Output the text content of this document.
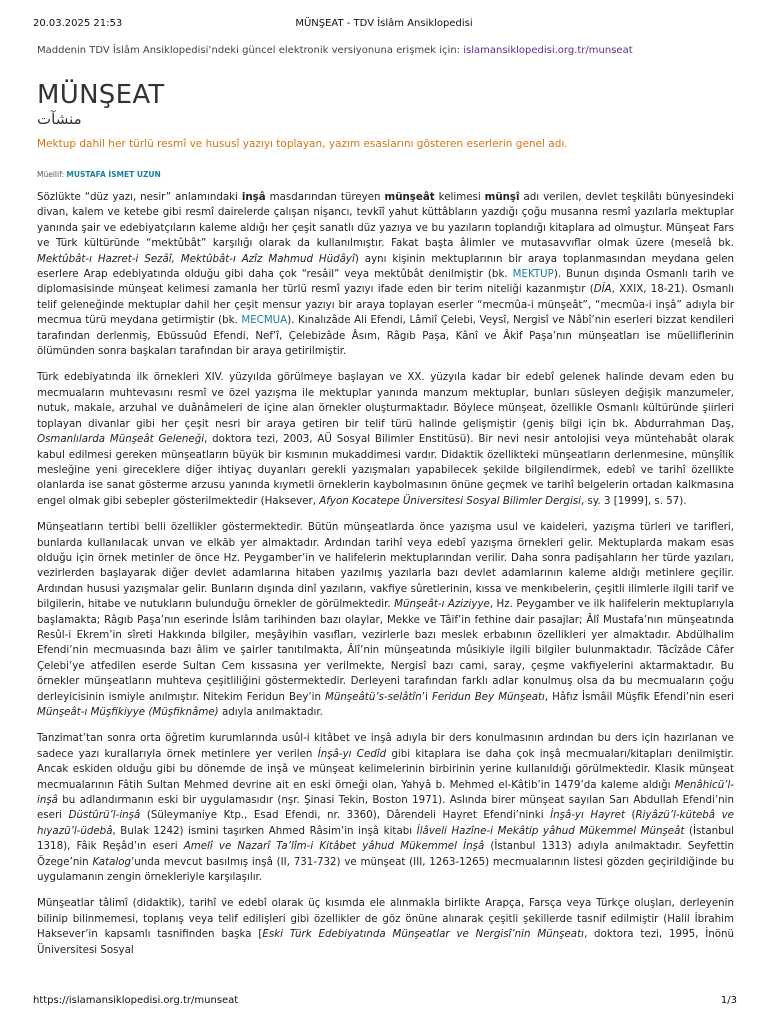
20.03.2025 21:53	MÜNŞEAT - TDV İslâm Ansiklopedisi
Maddenin TDV İslâm Ansiklopedisi’ndeki güncel elektronik versiyonuna erişmek için: islamansiklopedisi.org.tr/munseat
MÜNŞEAT
منشآت
Mektup dahil her türlü resmî ve hususî yazıyı toplayan, yazım esaslarını gösteren eserlerin genel adı.
Müellif: MUSTAFA İSMET UZUN

Sözlükte “düz yazı, nesir” anlamındaki inşâ masdarından türeyen münşeât kelimesi münşî adı verilen, devlet teşkilâtı bünyesindeki divan, kalem ve ketebe gibi resmî dairelerde çalışan nişancı, tevkīî yahut küttâbların yazdığı çoğu musanna resmî yazılarla mektuplar yanında şair ve edebiyatçıların kaleme aldığı her çeşit sanatlı düz yazıya ve bu yazıların toplandığı kitaplara ad olmuştur. Münşeat Fars ve Türk kültüründe “mektûbât” karşılığı olarak da kullanılmıştır. Fakat başta âlimler ve mutasavvıflar olmak üzere (meselâ bk. Mektûbât-ı Hazret-i Sezâî, Mektûbât-ı Azîz Mahmud Hüdâyî) aynı kişinin mektuplarının bir araya toplanmasından meydana gelen eserlere Arap edebiyatında olduğu gibi daha çok “resâil” veya mektûbât denilmiştir (bk. MEKTUP). Bunun dışında Osmanlı tarih ve diplomasisinde münşeat kelimesi zamanla her türlü resmî yazıyı ifade eden bir terim niteliği kazanmıştır (DİA, XXIX, 18-21). Osmanlı telif geleneğinde mektuplar dahil her çeşit mensur yazıyı bir araya toplayan eserler “mecmûa-i münşeât”, “mecmûa-i inşâ” adıyla bir mecmua türü meydana getirmiştir (bk. MECMUA). Kınalızâde Ali Efendi, Lâmiî Çelebi, Veysî, Nergisî ve Nâbî’nin eserleri bizzat kendileri tarafından derlenmiş, Ebüssuûd Efendi, Nef’î, Çelebizâde Âsım, Râgıb Paşa, Kânî ve Âkif Paşa’nın münşeatları ise müelliflerinin ölümünden sonra başkaları tarafından bir araya getirilmiştir.

Türk edebiyatında ilk örnekleri XIV. yüzyılda görülmeye başlayan ve XX. yüzyıla kadar bir edebî gelenek halinde devam eden bu mecmuaların muhtevasını resmî ve özel yazışma ile mektuplar yanında manzum mektuplar, bunları süsleyen değişik manzumeler, nutuk, makale, arzuhal ve duânâmeleri de içine alan örnekler oluşturmaktadır. Böylece münşeat, özellikle Osmanlı kültüründe şiirleri toplayan divanlar gibi her çeşit nesri bir araya getiren bir telif türü halinde gelişmiştir (geniş bilgi için bk. Abdurrahman Daş, Osmanlılarda Münşeât Geleneği, doktora tezi, 2003, AÜ Sosyal Bilimler Enstitüsü). Bir nevi nesir antolojisi veya müntehabât olarak kabul edilmesi gereken münşeatların büyük bir kısmının mukaddimesi vardır. Didaktik özellikteki münşeatların derlenmesine, münşîlik mesleğine yeni gireceklere diğer ihtiyaç duyanları gerekli yazışmaları yapabilecek şekilde bilgilendirmek, edebî ve tarihî özellikte olanlarda ise sanat gösterme arzusu yanında kıymetli örneklerin kaybolmasının önüne geçmek ve tarihî belgelerin ortadan kalkmasına engel olmak gibi sebepler gösterilmektedir (Haksever, Afyon Kocatepe Üniversitesi Sosyal Bilimler Dergisi, sy. 3 [1999], s. 57).

Münşeatların tertibi belli özellikler göstermektedir. Bütün münşeatlarda önce yazışma usul ve kaideleri, yazışma türleri ve tarifleri, bunlarda kullanılacak unvan ve elkāb yer almaktadır. Ardından tarihî veya edebî yazışma örnekleri gelir. Mektuplarda makam esas olduğu için örnek metinler de önce Hz. Peygamber’in ve halifelerin mektuplarından verilir. Daha sonra padişahların her türde yazıları, vezirlerden başlayarak diğer devlet adamlarına hitaben yazılmış yazılarla bazı devlet adamlarının kaleme aldığı metinlere geçilir. Ardından hususi yazışmalar gelir. Bunların dışında dinî yazıların, vakfiye sûretlerinin, kıssa ve menkıbelerin, çeşitli ilimlerle ilgili tarif ve bilgilerin, hitabe ve nutukların bulunduğu örnekler de görülmektedir. Münşeât-ı Aziziyye, Hz. Peygamber ve ilk halifelerin mektuplarıyla başlamakta; Râgıb Paşa’nın eserinde İslâm tarihinden bazı olaylar, Mekke ve Tâif’in fethine dair pasajlar; Âlî Mustafa’nın münşeatında Resûl-i Ekrem’in sîreti Hakkında bilgiler, meşâyihin vasıfları, vezirlerle bazı meslek erbabının özellikleri yer almaktadır. Abdülhalim Efendi’nin mecmuasında bazı âlim ve şairler tanıtılmakta, Âlî’nin münşeatında mûsikiyle ilgili bilgiler bulunmaktadır. Tâcîzâde Câfer Çelebi’ye atfedilen eserde Sultan Cem kıssasına yer verilmekte, Nergisî bazı cami, saray, çeşme vakfiyelerini aktarmaktadır. Bu örnekler münşeatların muhteva çeşitliliğini göstermektedir. Derleyeni tarafından farklı adlar konulmuş olsa da bu mecmuaların çoğu derleyicisinin ismiyle anılmıştır. Nitekim Feridun Bey’in Münşeâtü’s-selâtîn’i Feridun Bey Münşeatı, Hâfız İsmâil Müşfik Efendi’nin eseri Münşeât-ı Müşfikiyye (Müşfiknâme) adıyla anılmaktadır.

Tanzimat’tan sonra orta öğretim kurumlarında usûl-i kitâbet ve inşâ adıyla bir ders konulmasının ardından bu ders için hazırlanan ve sadece yazı kurallarıyla örnek metinlere yer verilen İnşâ-yı Cedîd gibi kitaplara ise daha çok inşâ mecmuaları/kitapları denilmiştir. Ancak eskiden olduğu gibi bu dönemde de inşâ ve münşeat kelimelerinin birbirinin yerine kullanıldığı görülmektedir. Klasik münşeat mecmualarının Fâtih Sultan Mehmed devrine ait en eski örneği olan, Yahyâ b. Mehmed el-Kâtib’in 1479’da kaleme aldığı Menâhicü’l-inşâ bu adlandırmanın eski bir uygulamasıdır (nşr. Şinasi Tekin, Boston 1971). Aslında birer münşeat sayılan Sarı Abdullah Efendi’nin eseri Düstûrü’l-inşâ (Süleymaniye Ktp., Esad Efendi, nr. 3360), Dârendeli Hayret Efendi’ninki İnşâ-yı Hayret (Riyâzü’l-kütebâ ve hıyazü’l-üdebâ, Bulak 1242) ismini taşırken Ahmed Râsim’in inşâ kitabı İlâveli Hazîne-i Mekâtip yâhud Mükemmel Münşeât (İstanbul 1318), Fâik Reşâd’ın eseri Amelî ve Nazarî Ta’lîm-i Kitâbet yâhud Mükemmel İnşâ (İstanbul 1313) adıyla anılmaktadır. Seyfettin Özege’nin Katalog’unda mevcut basılmış inşâ (II, 731-732) ve münşeat (III, 1263-1265) mecmualarının listesi gözden geçirildiğinde bu uygulamanın zengin örnekleriyle karşılaşılır.

Münşeatlar tâlimî (didaktik), tarihî ve edebî olarak üç kısımda ele alınmakla birlikte Arapça, Farsça veya Türkçe oluşları, derleyenin bilinip bilinmemesi, toplanış veya telif edilişleri gibi özellikler de göz önüne alınarak çeşitli şekillerde tasnif edilmiştir (Halil İbrahim Haksever’in kapsamlı tasnifinden başka [Eski Türk Edebiyatında Münşeatlar ve Nergisî’nin Münşeatı, doktora tezi, 1995, İnönü Üniversitesi Sosyal

https://islamansiklopedisi.org.tr/munseat	1/3
